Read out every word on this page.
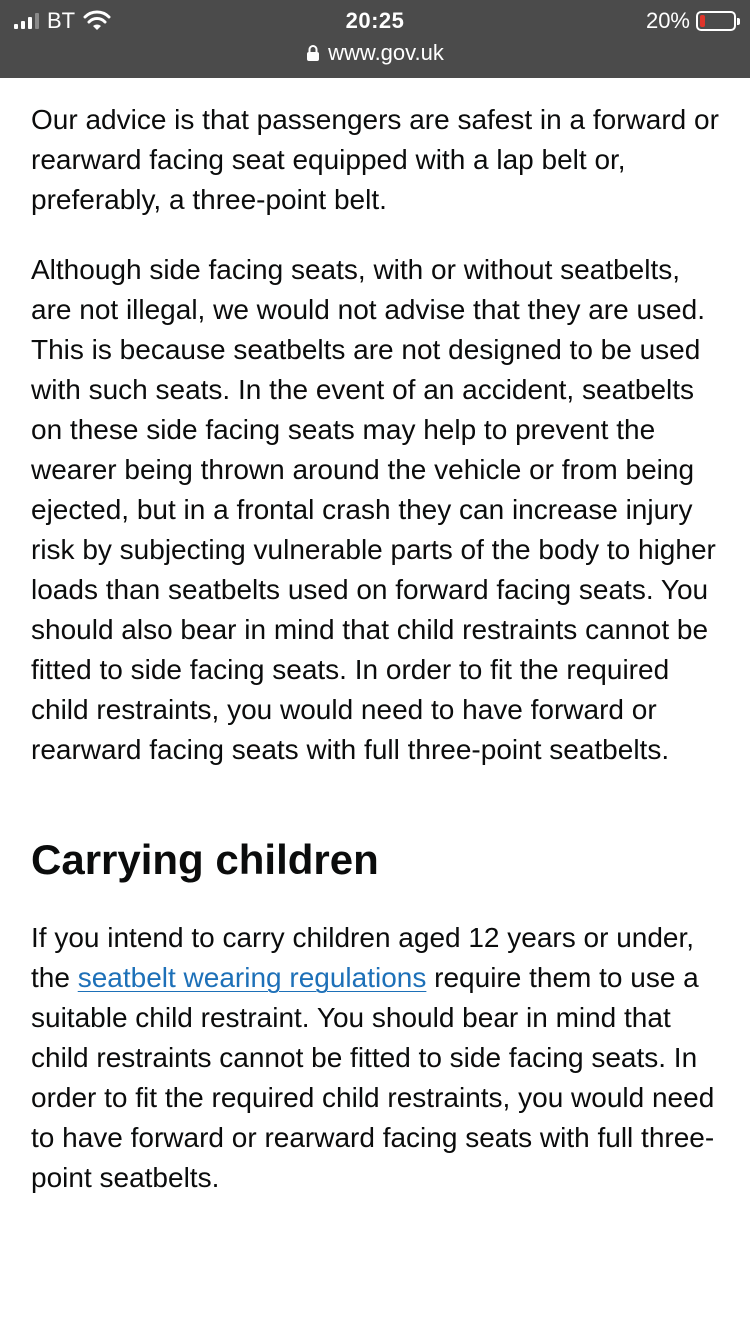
BT	20:25	20%
www.gov.uk

Our advice is that passengers are safest in a forward or rearward facing seat equipped with a lap belt or, preferably, a three-point belt.

Although side facing seats, with or without seatbelts, are not illegal, we would not advise that they are used. This is because seatbelts are not designed to be used with such seats. In the event of an accident, seatbelts on these side facing seats may help to prevent the wearer being thrown around the vehicle or from being ejected, but in a frontal crash they can increase injury risk by subjecting vulnerable parts of the body to higher loads than seatbelts used on forward facing seats. You should also bear in mind that child restraints cannot be fitted to side facing seats. In order to fit the required child restraints, you would need to have forward or rearward facing seats with full three-point seatbelts.

Carrying children

If you intend to carry children aged 12 years or under, the seatbelt wearing regulations require them to use a suitable child restraint. You should bear in mind that child restraints cannot be fitted to side facing seats. In order to fit the required child restraints, you would need to have forward or rearward facing seats with full three-point seatbelts.
